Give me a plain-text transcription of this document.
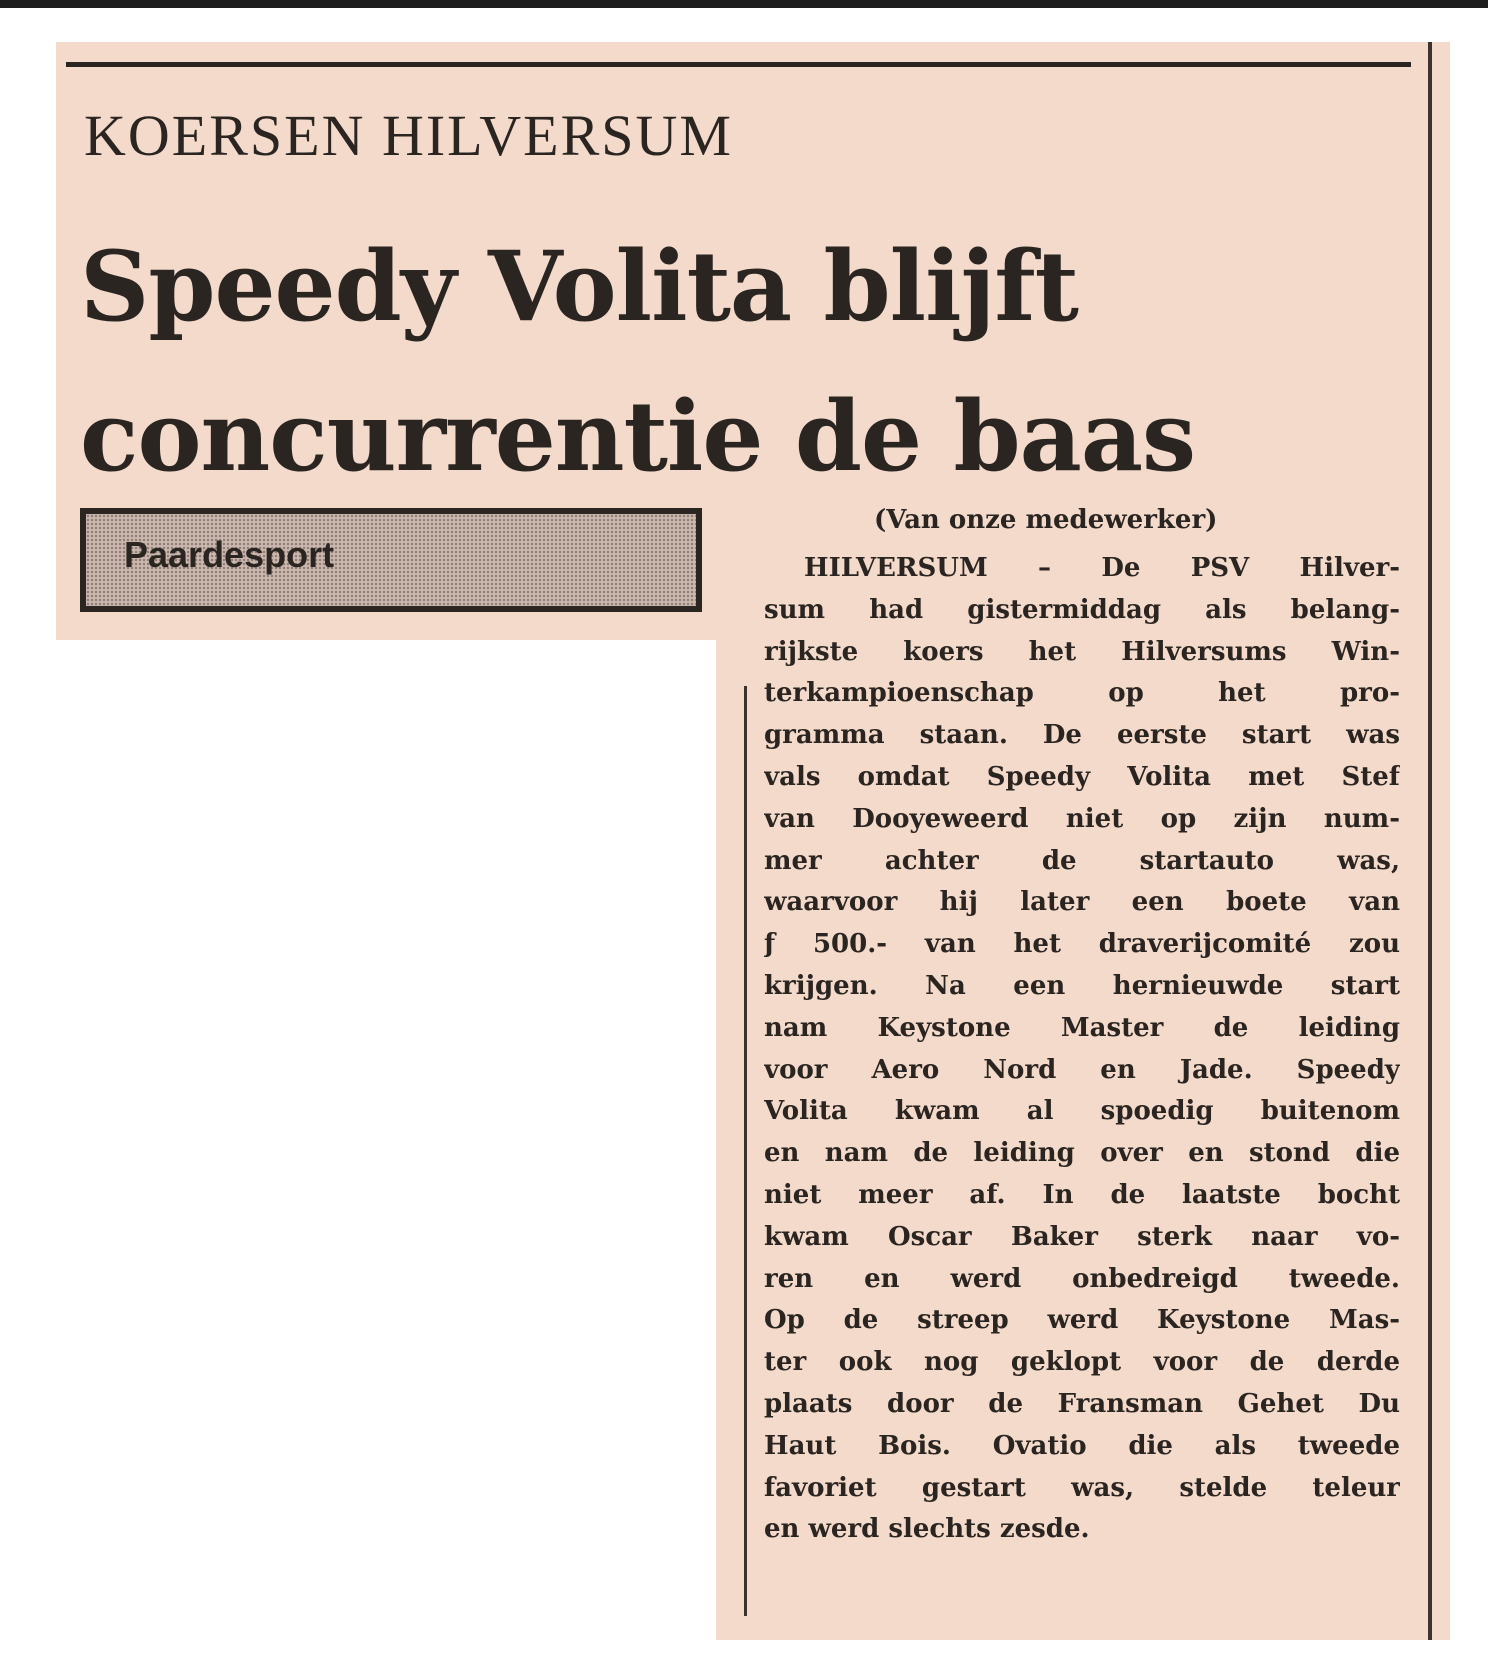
KOERSEN HILVERSUM
Speedy Volita blijft
concurrentie de baas
Paardesport
(Van onze medewerker)
HILVERSUM – De PSV Hilver-
sum had gistermiddag als belang-
rijkste koers het Hilversums Win-
terkampioenschap op het pro-
gramma staan. De eerste start was
vals omdat Speedy Volita met Stef
van Dooyeweerd niet op zijn num-
mer achter de startauto was,
waarvoor hij later een boete van
ƒ 500.- van het draverijcomité zou
krijgen. Na een hernieuwde start
nam Keystone Master de leiding
voor Aero Nord en Jade. Speedy
Volita kwam al spoedig buitenom
en nam de leiding over en stond die
niet meer af. In de laatste bocht
kwam Oscar Baker sterk naar vo-
ren en werd onbedreigd tweede.
Op de streep werd Keystone Mas-
ter ook nog geklopt voor de derde
plaats door de Fransman Gehet Du
Haut Bois. Ovatio die als tweede
favoriet gestart was, stelde teleur
en werd slechts zesde.
